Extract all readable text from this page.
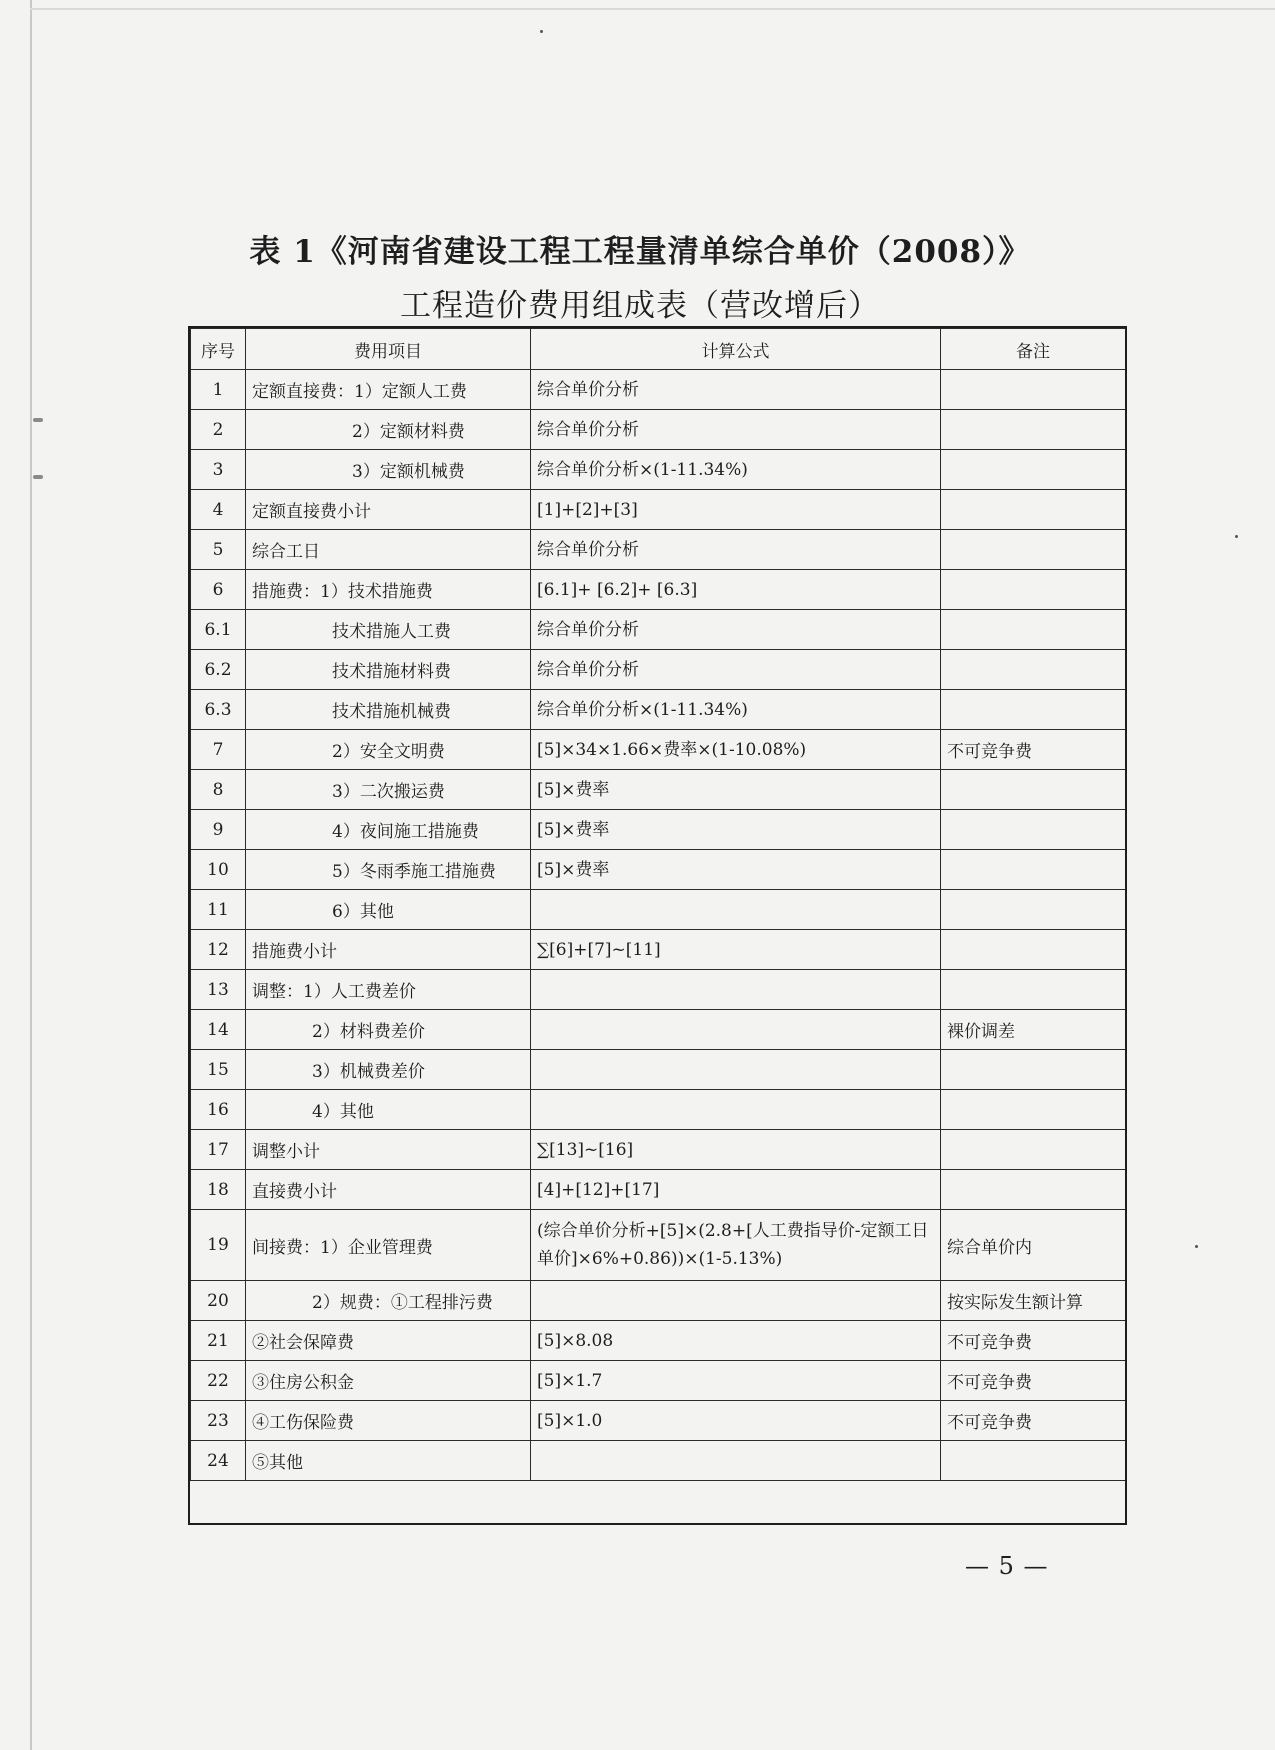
表 1《河南省建设工程工程量清单综合单价（2008）》
工程造价费用组成表（营改增后）
序号	费用项目	计算公式	备注
1	定额直接费：1）定额人工费	综合单价分析	
2	2）定额材料费	综合单价分析	
3	3）定额机械费	综合单价分析×(1-11.34%)	
4	定额直接费小计	[1]+[2]+[3]	
5	综合工日	综合单价分析	
6	措施费：1）技术措施费	[6.1]+ [6.2]+ [6.3]	
6.1	技术措施人工费	综合单价分析	
6.2	技术措施材料费	综合单价分析	
6.3	技术措施机械费	综合单价分析×(1-11.34%)	
7	2）安全文明费	[5]×34×1.66×费率×(1-10.08%)	不可竞争费
8	3）二次搬运费	[5]×费率	
9	4）夜间施工措施费	[5]×费率	
10	5）冬雨季施工措施费	[5]×费率	
11	6）其他		
12	措施费小计	∑[6]+[7]~[11]	
13	调整：1）人工费差价		
14	2）材料费差价		裸价调差
15	3）机械费差价		
16	4）其他		
17	调整小计	∑[13]~[16]	
18	直接费小计	[4]+[12]+[17]	
19	间接费：1）企业管理费	(综合单价分析+[5]×(2.8+[人工费指导价-定额工日单价]×6%+0.86))×(1-5.13%)	综合单价内
20	2）规费：①工程排污费		按实际发生额计算
21	②社会保障费	[5]×8.08	不可竞争费
22	③住房公积金	[5]×1.7	不可竞争费
23	④工伤保险费	[5]×1.0	不可竞争费
24	⑤其他		
— 5 —
